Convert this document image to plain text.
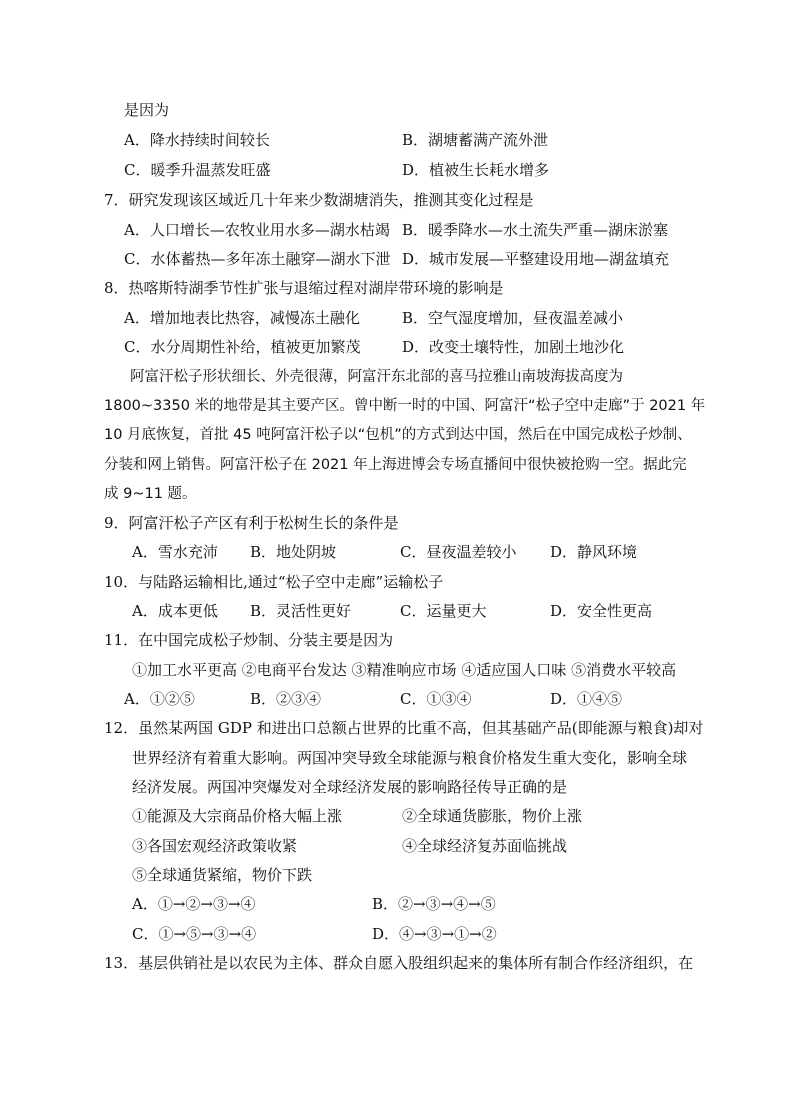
是因为
A．降水持续时间较长	B．湖塘蓄满产流外泄
C．暖季升温蒸发旺盛	D．植被生长耗水增多
7．研究发现该区域近几十年来少数湖塘消失，推测其变化过程是
A．人口增长—农牧业用水多—湖水枯竭 B．暖季降水—水土流失严重—湖床淤塞
C．水体蓄热—多年冻土融穿—湖水下泄 D．城市发展—平整建设用地—湖盆填充
8．热喀斯特湖季节性扩张与退缩过程对湖岸带环境的影响是
A．增加地表比热容，减慢冻土融化	B．空气湿度增加，昼夜温差减小
C．水分周期性补给，植被更加繁茂	D．改变土壤特性，加剧土地沙化
阿富汗松子形状细长、外壳很薄，阿富汗东北部的喜马拉雅山南坡海拔高度为
1800~3350 米的地带是其主要产区。曾中断一时的中国、阿富汗“松子空中走廊”于 2021 年
10 月底恢复，首批 45 吨阿富汗松子以“包机”的方式到达中国，然后在中国完成松子炒制、
分装和网上销售。阿富汗松子在 2021 年上海进博会专场直播间中很快被抢购一空。据此完
成 9~11 题。
9．阿富汗松子产区有利于松树生长的条件是
A．雪水充沛 B．地处阴坡	C．昼夜温差较小 D．静风环境
10．与陆路运输相比,通过“松子空中走廊”运输松子
A．成本更低 B．灵活性更好	C．运量更大	D．安全性更高
11．在中国完成松子炒制、分装主要是因为
①加工水平更高 ②电商平台发达 ③精准响应市场 ④适应国人口味 ⑤消费水平较高
A．①②⑤	B．②③④	C．①③④	D．①④⑤
12．虽然某两国 GDP 和进出口总额占世界的比重不高，但其基础产品(即能源与粮食)却对
世界经济有着重大影响。两国冲突导致全球能源与粮食价格发生重大变化，影响全球
经济发展。两国冲突爆发对全球经济发展的影响路径传导正确的是
①能源及大宗商品价格大幅上涨	②全球通货膨胀，物价上涨
③各国宏观经济政策收紧	④全球经济复苏面临挑战
⑤全球通货紧缩，物价下跌
A．①→②→③→④	B．②→③→④→⑤
C．①→⑤→③→④	D．④→③→①→②
13．基层供销社是以农民为主体、群众自愿入股组织起来的集体所有制合作经济组织，在
